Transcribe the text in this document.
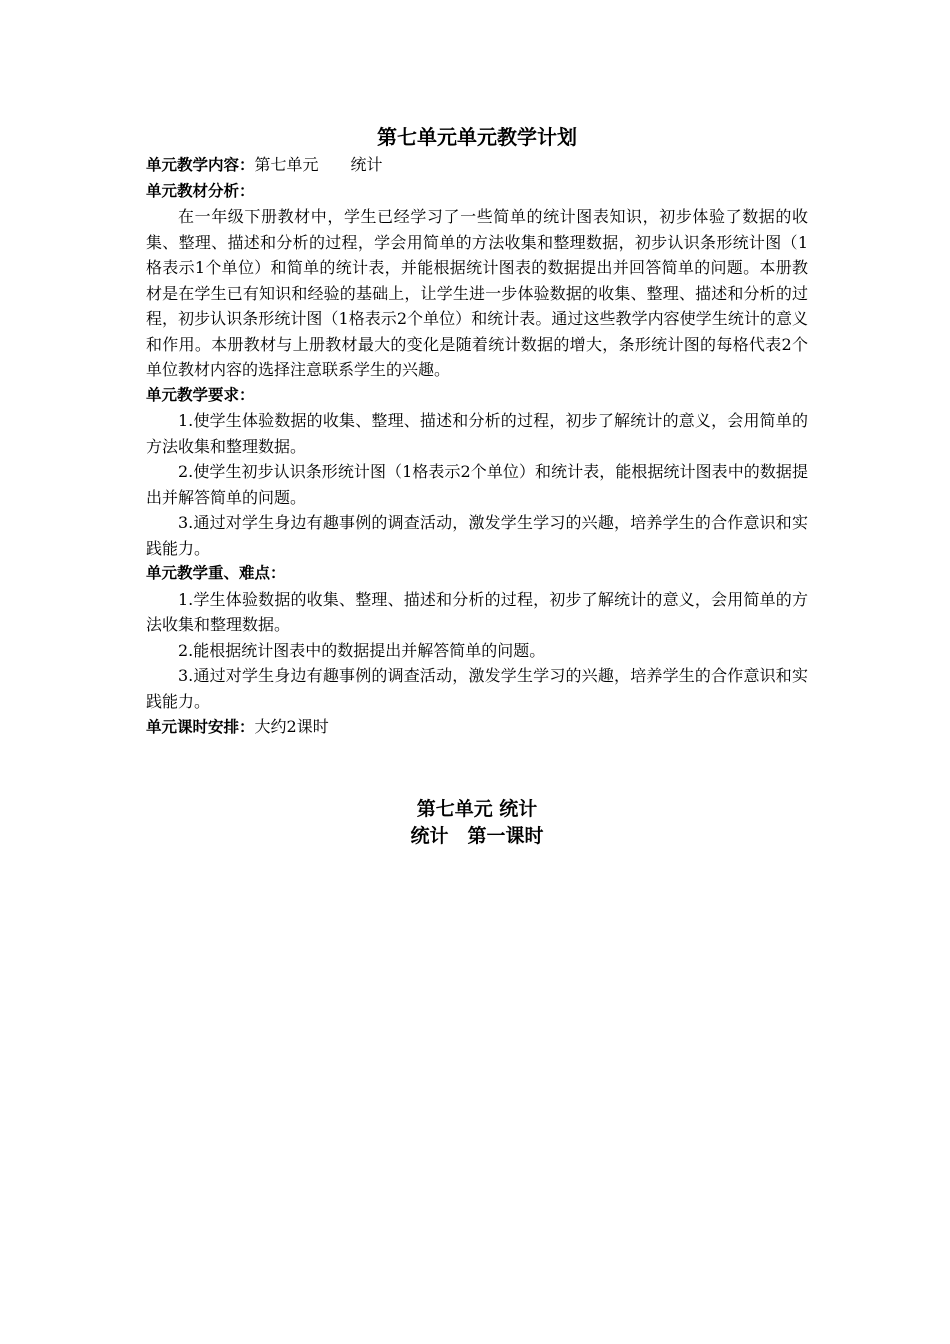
第七单元单元教学计划

单元教学内容：第七单元　　统计

单元教材分析：

在一年级下册教材中，学生已经学习了一些简单的统计图表知识，初步体验了数据的收集、整理、描述和分析的过程，学会用简单的方法收集和整理数据，初步认识条形统计图（1格表示1个单位）和简单的统计表，并能根据统计图表的数据提出并回答简单的问题。本册教材是在学生已有知识和经验的基础上，让学生进一步体验数据的收集、整理、描述和分析的过程，初步认识条形统计图（1格表示2个单位）和统计表。通过这些教学内容使学生统计的意义和作用。本册教材与上册教材最大的变化是随着统计数据的增大，条形统计图的每格代表2个单位教材内容的选择注意联系学生的兴趣。

单元教学要求：

1.使学生体验数据的收集、整理、描述和分析的过程，初步了解统计的意义，会用简单的方法收集和整理数据。

2.使学生初步认识条形统计图（1格表示2个单位）和统计表，能根据统计图表中的数据提出并解答简单的问题。

3.通过对学生身边有趣事例的调查活动，激发学生学习的兴趣，培养学生的合作意识和实践能力。

单元教学重、难点：

1.学生体验数据的收集、整理、描述和分析的过程，初步了解统计的意义，会用简单的方法收集和整理数据。

2.能根据统计图表中的数据提出并解答简单的问题。

3.通过对学生身边有趣事例的调查活动，激发学生学习的兴趣，培养学生的合作意识和实践能力。

单元课时安排：大约2课时

第七单元 统计
统计　第一课时
